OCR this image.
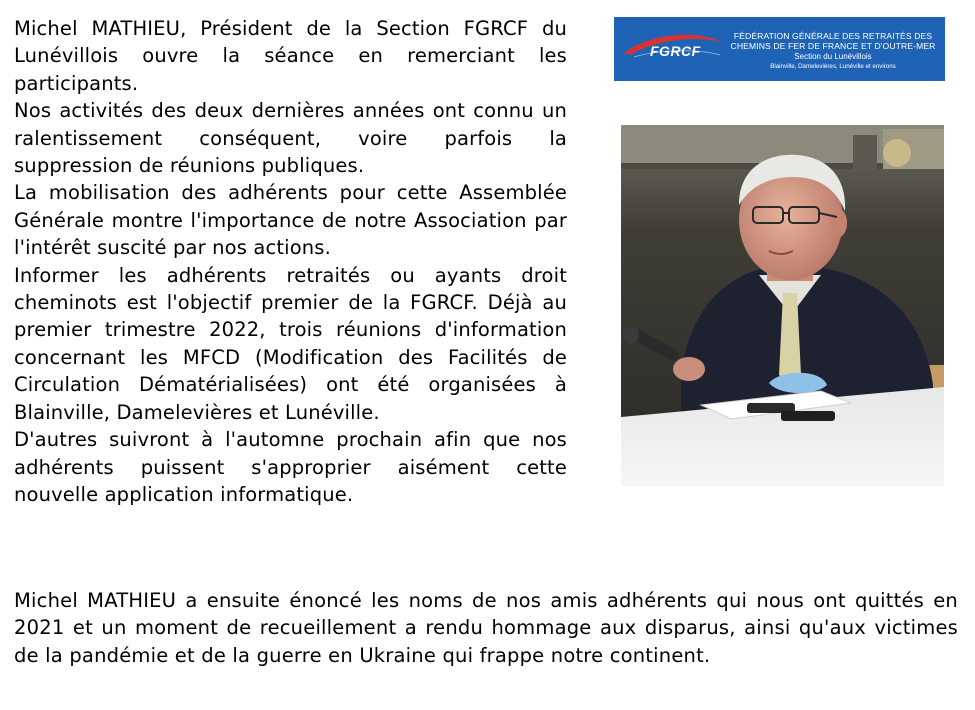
Michel MATHIEU, Président de la Section FGRCF du Lunévillois ouvre la séance en remerciant les participants.

Nos activités des deux dernières années ont connu un ralentissement conséquent, voire parfois la suppression de réunions publiques.

La mobilisation des adhérents pour cette Assemblée Générale montre l'importance de notre Association par l'intérêt suscité par nos actions.

Informer les adhérents retraités ou ayants droit cheminots est l'objectif premier de la FGRCF. Déjà au premier trimestre 2022, trois réunions d'information concernant les MFCD (Modification des Facilités de Circulation Dématérialisées) ont été organisées à Blainville, Damelevières et Lunéville.

D'autres suivront à l'automne prochain afin que nos adhérents puissent s'approprier aisément cette nouvelle application informatique.

FGRCF
FÉDÉRATION GÉNÉRALE DES RETRAITÉS DES
CHEMINS DE FER DE FRANCE ET D'OUTRE-MER
Section du Lunévillois
Blainville, Damelevières, Lunéville et environs

Michel MATHIEU a ensuite énoncé les noms de nos amis adhérents qui nous ont quittés en 2021 et un moment de recueillement a rendu hommage aux disparus, ainsi qu'aux victimes de la pandémie et de la guerre en Ukraine qui frappe notre continent.
